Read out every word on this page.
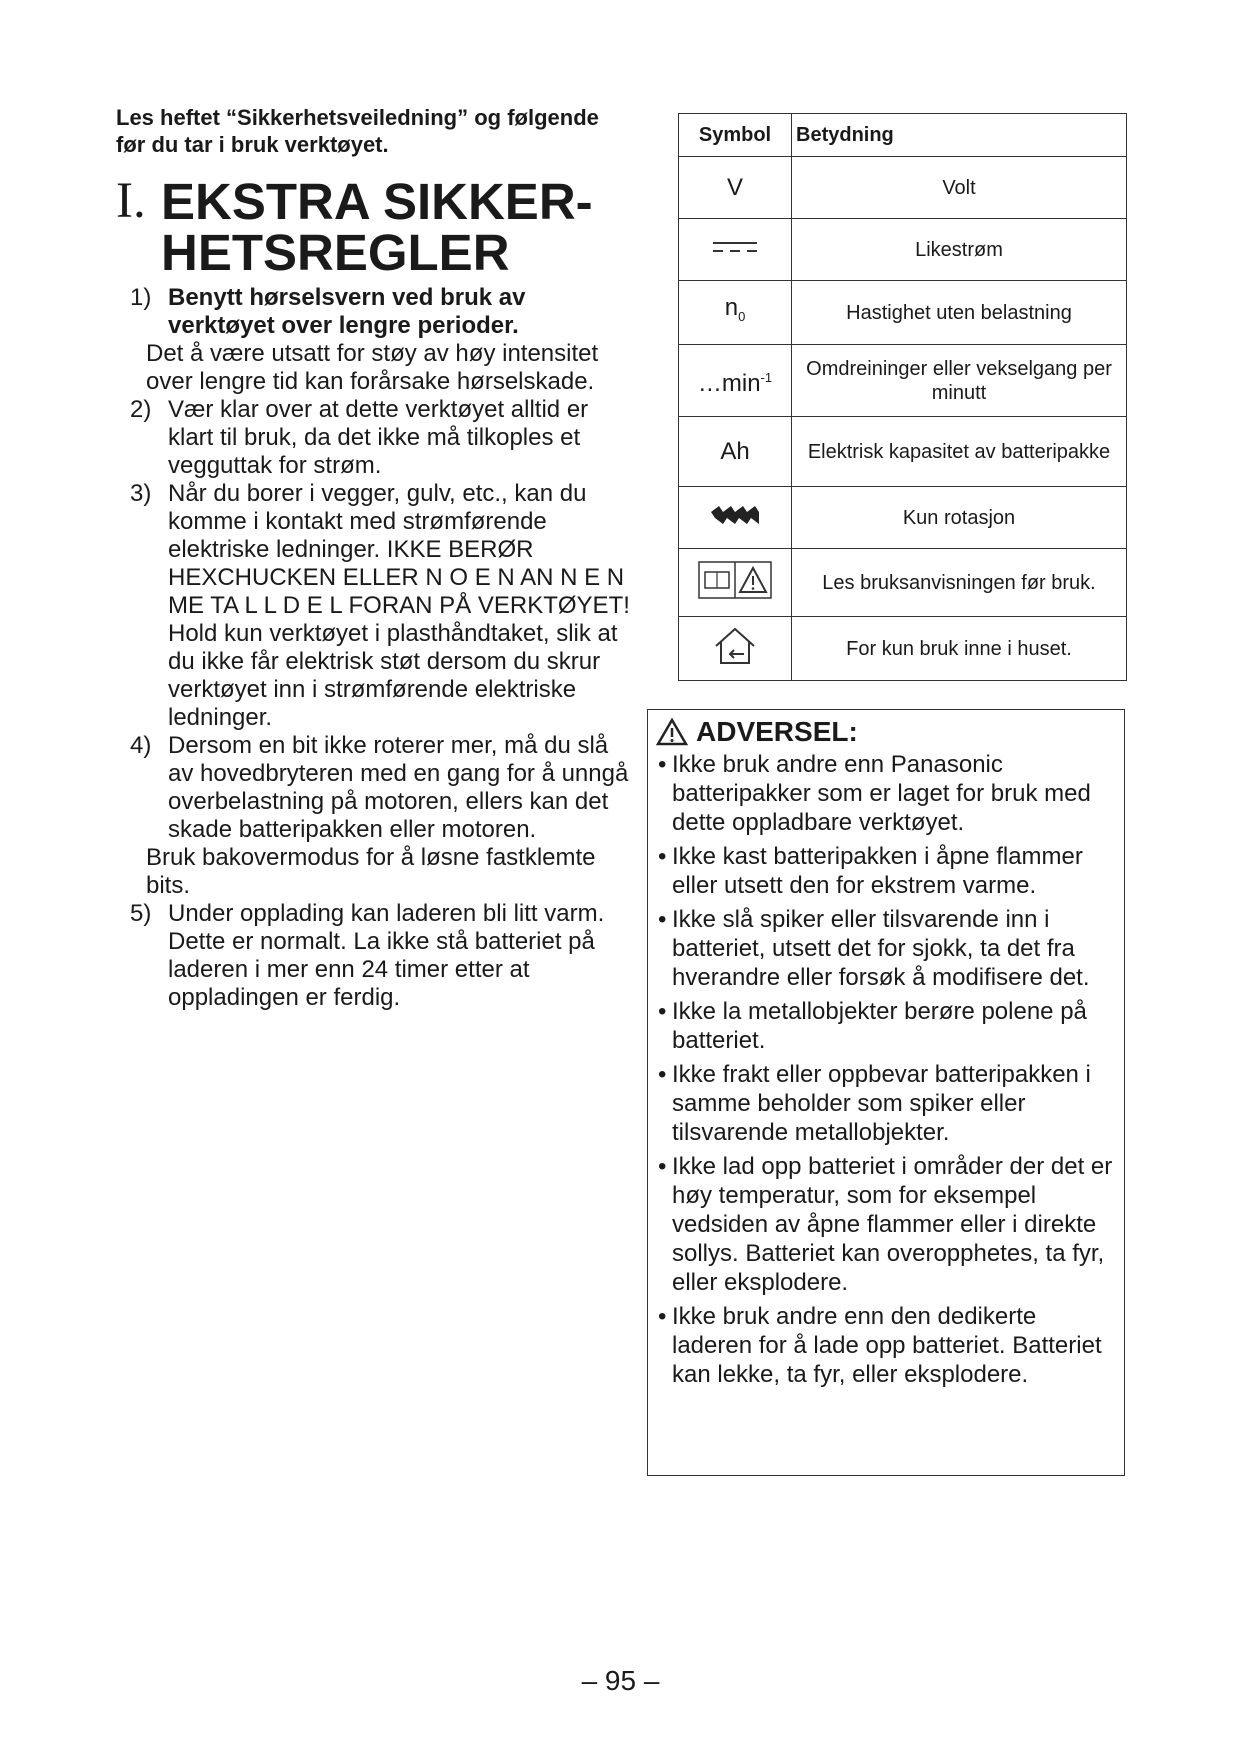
Les heftet “Sikkerhetsveiledning” og følgende før du tar i bruk verktøyet.

I. EKSTRA SIKKER-
HETSREGLER
1) Benytt hørselsvern ved bruk av verktøyet over lengre perioder.

Det å være utsatt for støy av høy intensitet over lengre tid kan forårsake hørselskade.

2) Vær klar over at dette verktøyet alltid er klart til bruk, da det ikke må tilkoples et vegguttak for strøm.
3) Når du borer i vegger, gulv, etc., kan du komme i kontakt med strømførende elektriske ledninger. IKKE BERØR HEXCHUCKEN ELLER N O E N AN N E N ME TA L L D E L FORAN PÅ VERKTØYET! Hold kun verktøyet i plasthåndtaket, slik at du ikke får elektrisk støt dersom du skrur verktøyet inn i strømførende elektriske ledninger.
4) Dersom en bit ikke roterer mer, må du slå av hovedbryteren med en gang for å unngå overbelastning på motoren, ellers kan det skade batteripakken eller motoren.

Bruk bakovermodus for å løsne fastklemte bits.

5) Under opplading kan laderen bli litt varm. Dette er normalt. La ikke stå batteriet på laderen i mer enn 24 timer etter at oppladingen er ferdig.
Symbol	Betydning
V	Volt
	Likestrøm
$n_0$	Hastighet uten belastning
$\dots\min^{-1}$	Omdreininger eller vekselgang per minutt
Ah	Elektrisk kapasitet av batteripakke
	Kun rotasjon
	Les bruksanvisningen før bruk.
	For kun bruk inne i huset.
ADVERSEL:
• Ikke bruk andre enn Panasonic batteripakker som er laget for bruk med dette oppladbare verktøyet.
• Ikke kast batteripakken i åpne flammer eller utsett den for ekstrem varme.
• Ikke slå spiker eller tilsvarende inn i batteriet, utsett det for sjokk, ta det fra hverandre eller forsøk å modifisere det.
• Ikke la metallobjekter berøre polene på batteriet.
• Ikke frakt eller oppbevar batteripakken i samme beholder som spiker eller tilsvarende metallobjekter.
• Ikke lad opp batteriet i områder der det er høy temperatur, som for eksempel vedsiden av åpne flammer eller i direkte sollys. Batteriet kan overopphetes, ta fyr, eller eksplodere.
• Ikke bruk andre enn den dedikerte laderen for å lade opp batteriet. Batteriet kan lekke, ta fyr, eller eksplodere.
– 95 –
